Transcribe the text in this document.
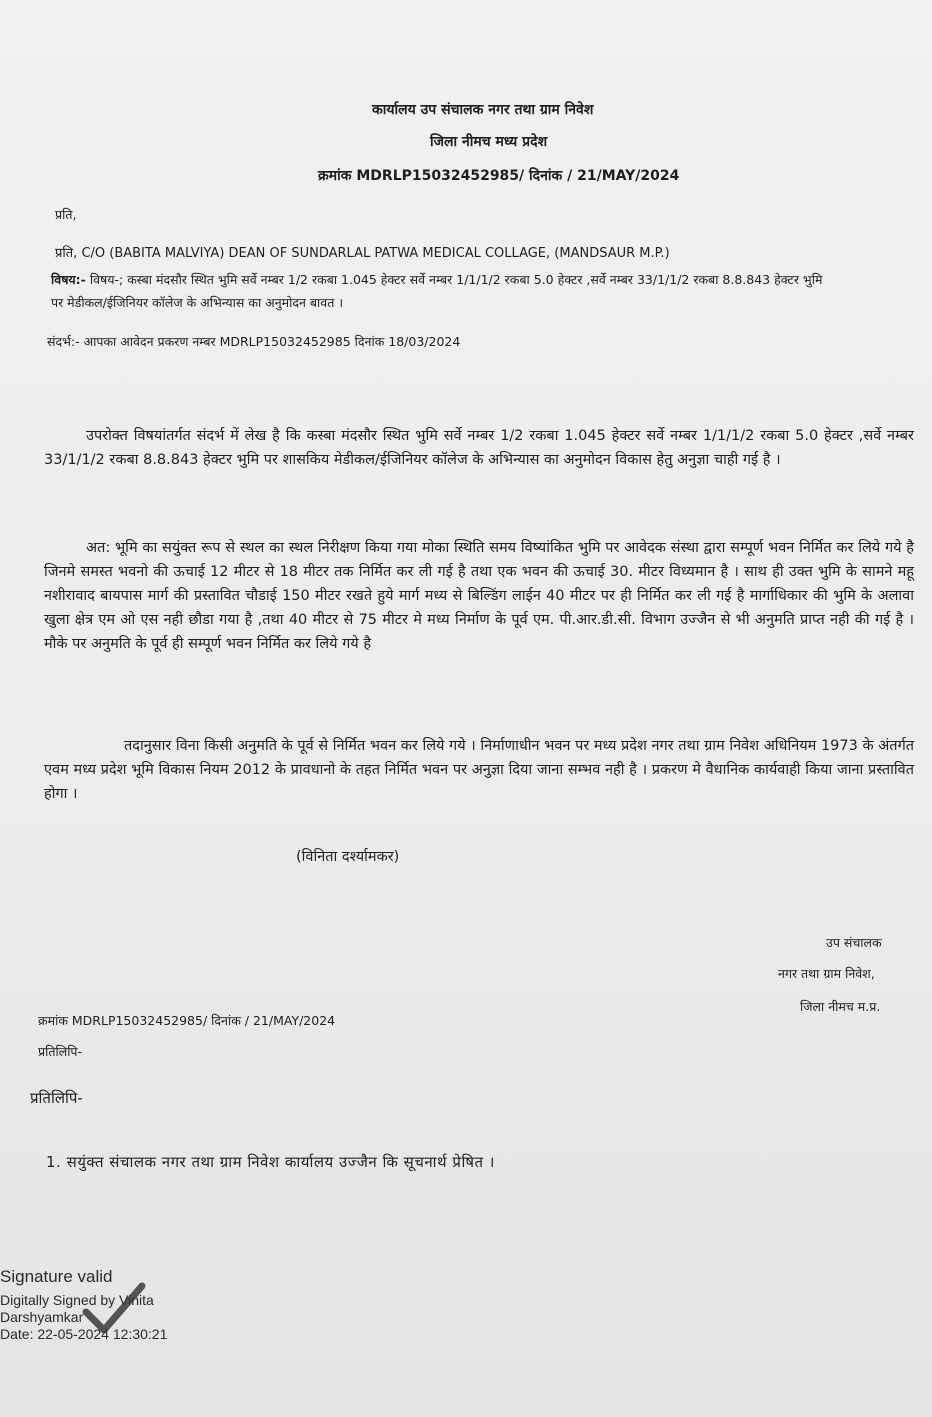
कार्यालय उप संचालक नगर तथा ग्राम निवेश
जिला नीमच मध्य प्रदेश
क्रमांक MDRLP15032452985/ दिनांक / 21/MAY/2024
प्रति,
प्रति, C/O (BABITA MALVIYA) DEAN OF SUNDARLAL PATWA MEDICAL COLLAGE, (MANDSAUR M.P.)
विषय:- विषय-; कस्बा मंदसौर स्थित भुमि सर्वे नम्बर 1/2 रकबा 1.045 हेक्टर सर्वे नम्बर 1/1/1/2 रकबा 5.0 हेक्टर ,सर्वे नम्बर 33/1/1/2 रकबा 8.8.843 हेक्टर भुमि
पर मेडीकल/ईजिनियर कॉलेज के अभिन्यास का अनुमोदन बावत ।
संदर्भ:- आपका आवेदन प्रकरण नम्बर MDRLP15032452985 दिनांक 18/03/2024

उपरोक्त विषयांतर्गत संदर्भ में लेख है कि कस्बा मंदसौर स्थित भुमि सर्वे नम्बर 1/2 रकबा 1.045 हेक्टर सर्वे नम्बर 1/1/1/2 रकबा 5.0 हेक्टर ,सर्वे नम्बर 33/1/1/2 रकबा 8.8.843 हेक्टर भुमि पर शासकिय मेडीकल/ईजिनियर कॉलेज के अभिन्यास का अनुमोदन विकास हेतु अनुज्ञा चाही गई है ।

अत: भूमि का सयुंक्त रूप से स्थल का स्थल निरीक्षण किया गया मोका स्थिति समय विष्यांकित भुमि पर आवेदक संस्था द्वारा सम्पूर्ण भवन निर्मित कर लिये गये है जिनमे समस्त भवनो की ऊचाई 12 मीटर से 18 मीटर तक निर्मित कर ली गई है तथा एक भवन की ऊचाई 30. मीटर विध्यमान है । साथ ही उक्त भुमि के सामने महू नशीरावाद बायपास मार्ग की प्रस्तावित चौडाई 150 मीटर रखते हुये मार्ग मध्य से बिल्डिंग लाईन 40 मीटर पर ही निर्मित कर ली गई है मार्गाधिकार की भुमि के अलावा खुला क्षेत्र एम ओ एस नही छौडा गया है ,तथा 40 मीटर से 75 मीटर मे मध्य निर्माण के पूर्व एम. पी.आर.डी.सी. विभाग उज्जैन से भी अनुमति प्राप्त नही की गई है । मौके पर अनुमति के पूर्व ही सम्पूर्ण भवन निर्मित कर लिये गये है

तदानुसार विना किसी अनुमति के पूर्व से निर्मित भवन कर लिये गये । निर्माणाधीन भवन पर मध्य प्रदेश नगर तथा ग्राम निवेश अधिनियम 1973 के अंतर्गत एवम मध्य प्रदेश भूमि विकास नियम 2012 के प्रावधानो के तहत निर्मित भवन पर अनुज्ञा दिया जाना सम्भव नही है । प्रकरण मे वैधानिक कार्यवाही किया जाना प्रस्तावित होगा ।

(विनिता दर्श्यामकर)
उप संचालक
नगर तथा ग्राम निवेश,
जिला नीमच म.प्र.
क्रमांक MDRLP15032452985/ दिनांक / 21/MAY/2024
प्रतिलिपि-
प्रतिलिपि-
1. सयुंक्त संचालक नगर तथा ग्राम निवेश कार्यालय उज्जैन कि सूचनार्थ प्रेषित ।
Signature valid
Digitally Signed by Vinita
Darshyamkar
Date: 22-05-2024 12:30:21
